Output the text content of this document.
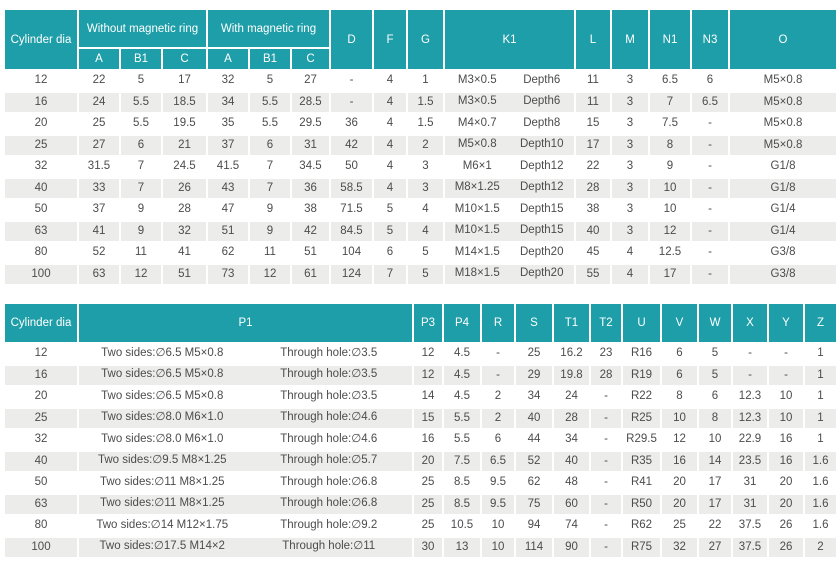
Cylinder dia	Without magnetic ring			With magnetic ring			D	F	G	K1	L	M	N1	N3	O
	A	B1	C	A	B1	C									
12	22	5	17	32	5	27	-	4	1	M3×0.5 Depth6	11	3	6.5	6	M5×0.8
16	24	5.5	18.5	34	5.5	28.5	-	4	1.5	M3×0.5 Depth6	11	3	7	6.5	M5×0.8
20	25	5.5	19.5	35	5.5	29.5	36	4	1.5	M4×0.7 Depth8	15	3	7.5	-	M5×0.8
25	27	6	21	37	6	31	42	4	2	M5×0.8 Depth10	17	3	8	-	M5×0.8
32	31.5	7	24.5	41.5	7	34.5	50	4	3	M6×1 Depth12	22	3	9	-	G1/8
40	33	7	26	43	7	36	58.5	4	3	M8×1.25 Depth12	28	3	10	-	G1/8
50	37	9	28	47	9	38	71.5	5	4	M10×1.5 Depth15	38	3	10	-	G1/4
63	41	9	32	51	9	42	84.5	5	4	M10×1.5 Depth15	40	3	12	-	G1/4
80	52	11	41	62	11	51	104	6	5	M14×1.5 Depth20	45	4	12.5	-	G3/8
100	63	12	51	73	12	61	124	7	5	M18×1.5 Depth20	55	4	17	-	G3/8
Cylinder dia	P1	P3	P4	R	S	T1	T2	U	V	W	X	Y	Z
12	Two sides:∅6.5 M5×0.8 Through hole:∅3.5	12	4.5	-	25	16.2	23	R16	6	5	-	-	1
16	Two sides:∅6.5 M5×0.8 Through hole:∅3.5	12	4.5	-	29	19.8	28	R19	6	5	-	-	1
20	Two sides:∅6.5 M5×0.8 Through hole:∅3.5	14	4.5	2	34	24	-	R22	8	6	12.3	10	1
25	Two sides:∅8.0 M6×1.0 Through hole:∅4.6	15	5.5	2	40	28	-	R25	10	8	12.3	10	1
32	Two sides:∅8.0 M6×1.0 Through hole:∅4.6	16	5.5	6	44	34	-	R29.5	12	10	22.9	16	1
40	Two sides:∅9.5 M8×1.25 Through hole:∅5.7	20	7.5	6.5	52	40	-	R35	16	14	23.5	16	1.6
50	Two sides:∅11 M8×1.25 Through hole:∅6.8	25	8.5	9.5	62	48	-	R41	20	17	31	20	1.6
63	Two sides:∅11 M8×1.25 Through hole:∅6.8	25	8.5	9.5	75	60	-	R50	20	17	31	20	1.6
80	Two sides:∅14 M12×1.75 Through hole:∅9.2	25	10.5	10	94	74	-	R62	25	22	37.5	26	1.6
100	Two sides:∅17.5 M14×2 Through hole:∅11	30	13	10	114	90	-	R75	32	27	37.5	26	2
